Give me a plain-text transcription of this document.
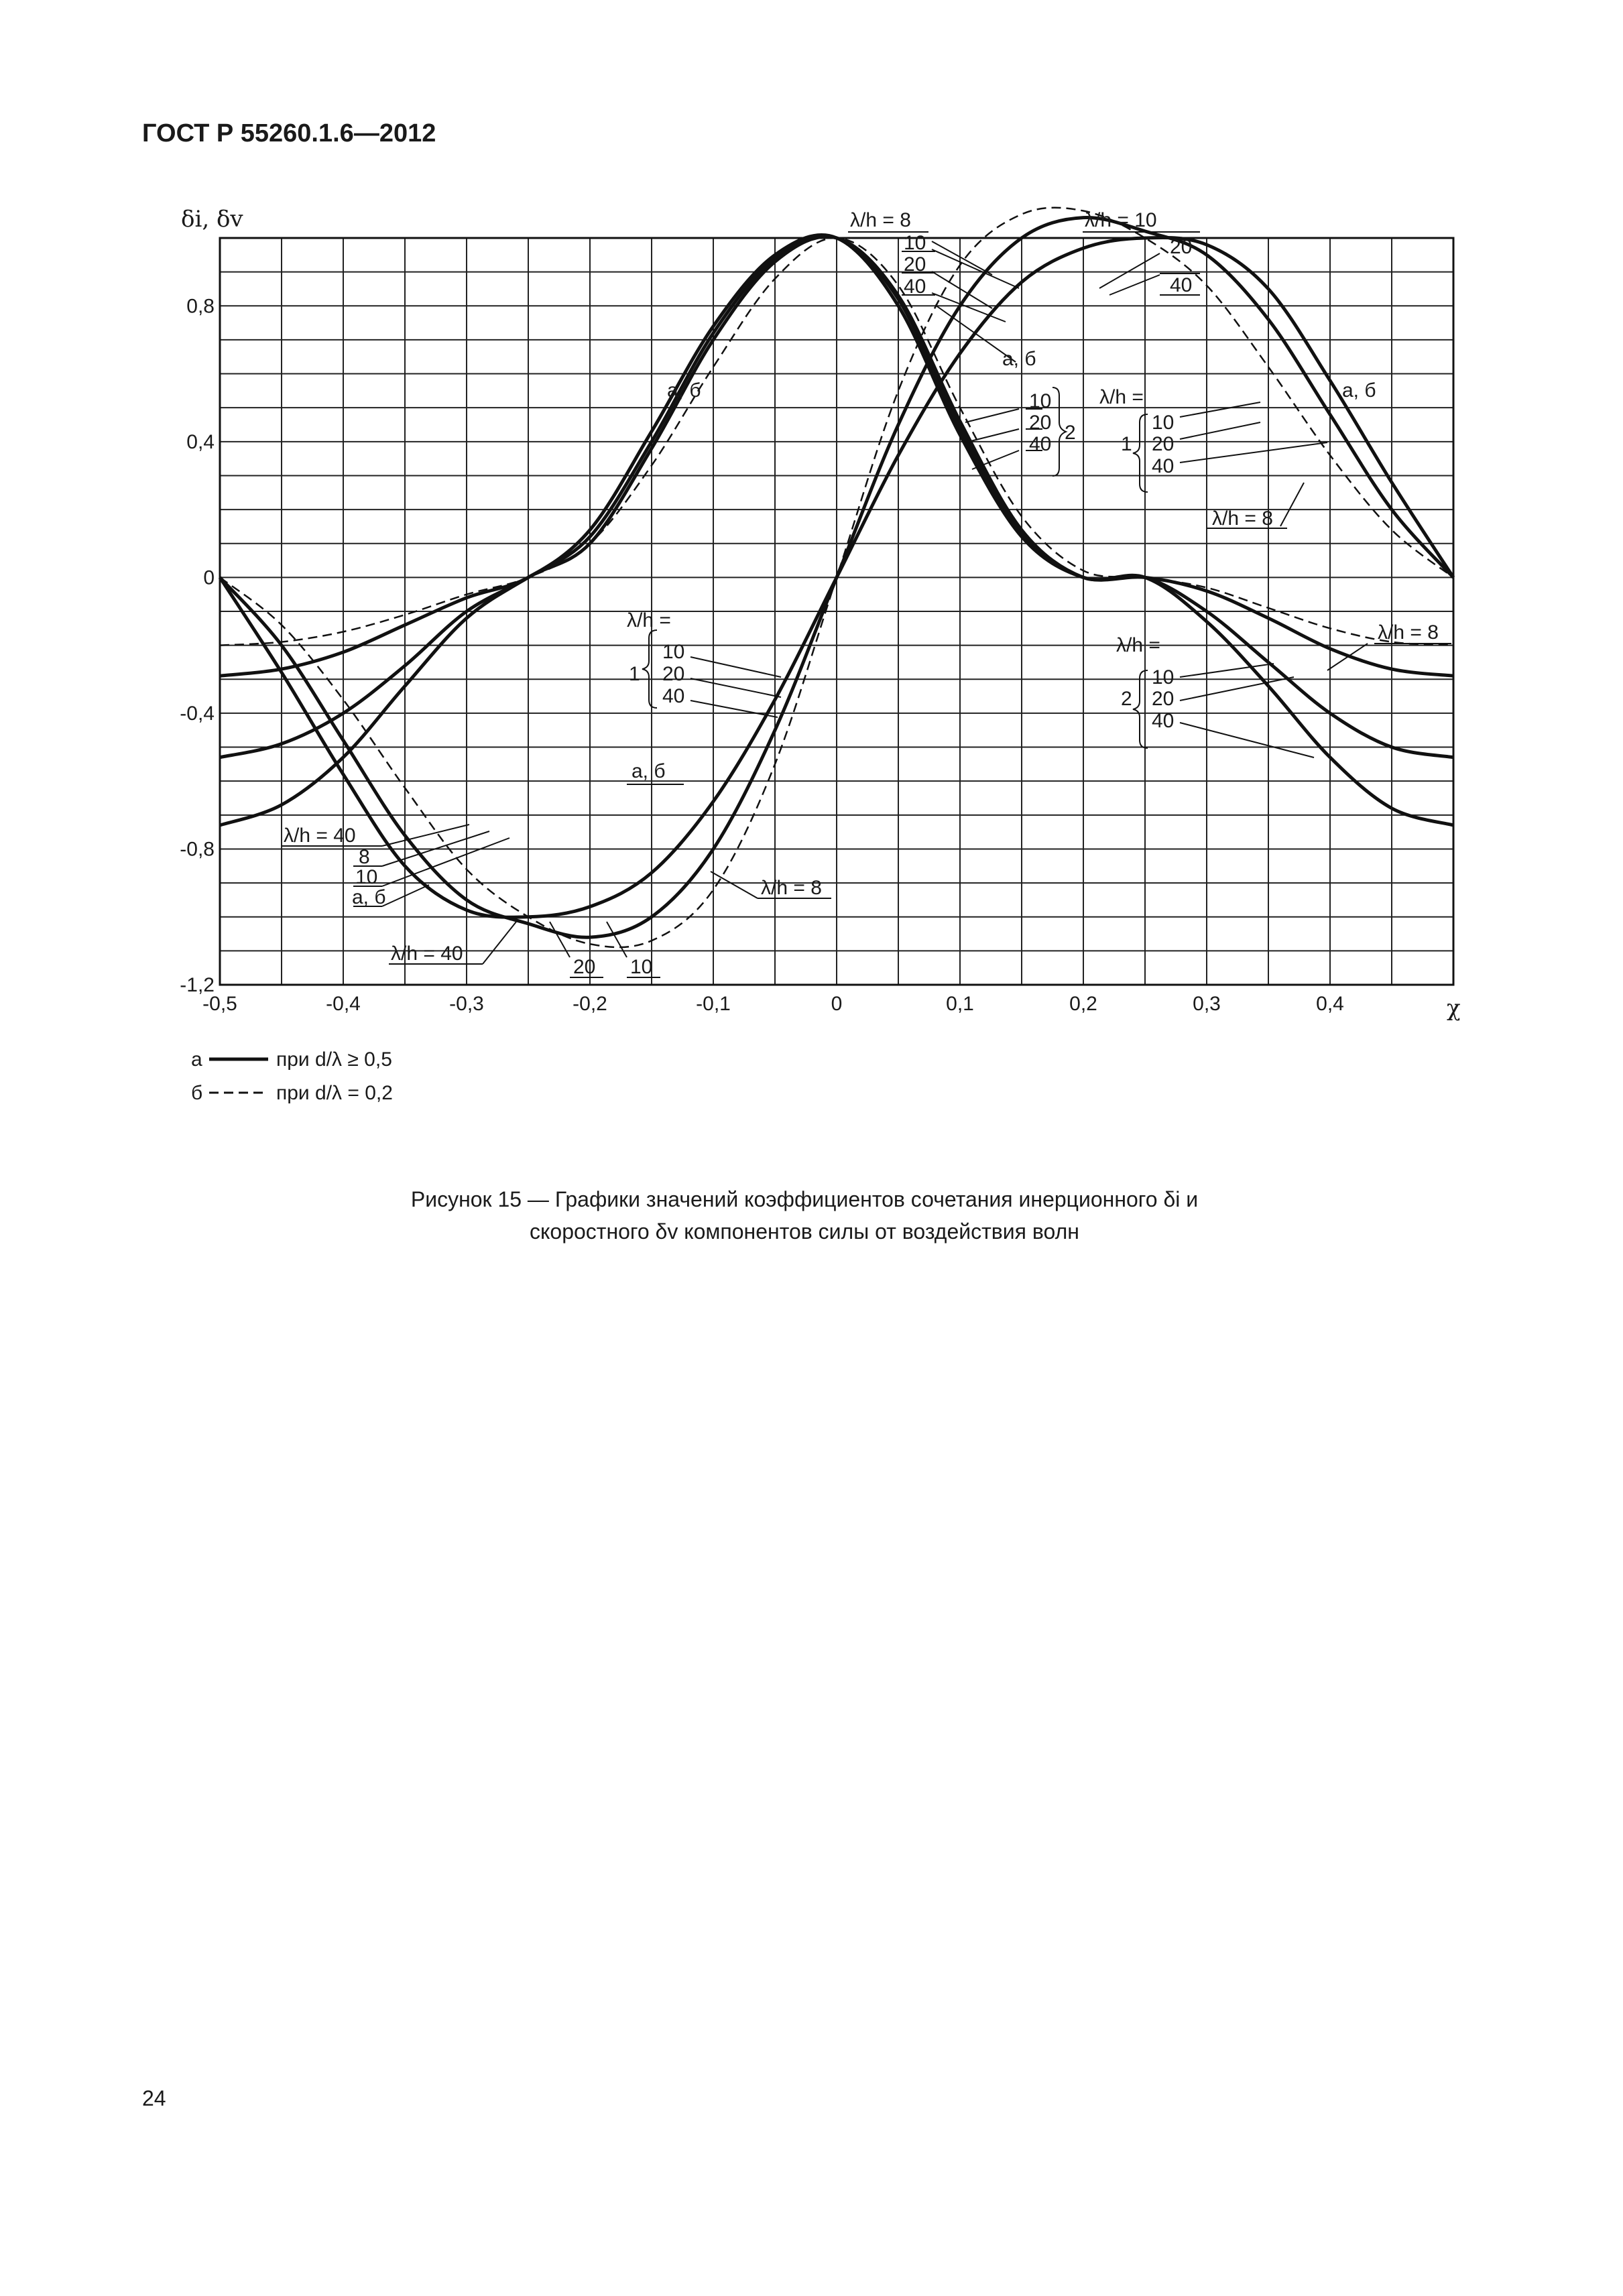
ГОСТ Р 55260.1.6—2012
-0,5	-0,4	-0,3	-0,2	-0,1	0	0,1	0,2	0,3	0,4
-1,2
-0,8
-0,4
0
0,4
0,8
δi, δv
χ
λ/h = 8
10
20
40
λ/h = 10
20
40
а, б
а, б
10
20
40
2
λ/h =	а, б
1
10
20
40
λ/h = 8
λ/h =
1
10
20
40
а, б
λ/h = 8
λ/h = 40
8
10
а, б
λ/h = 40
20 10
λ/h =
λ/h = 8
2
10
20
40
а	при d/λ ≥ 0,5
б	при d/λ = 0,2
Рисунок 15 — Графики значений коэффициентов сочетания инерционного δi и
скоростного δv компонентов силы от воздействия волн
24
